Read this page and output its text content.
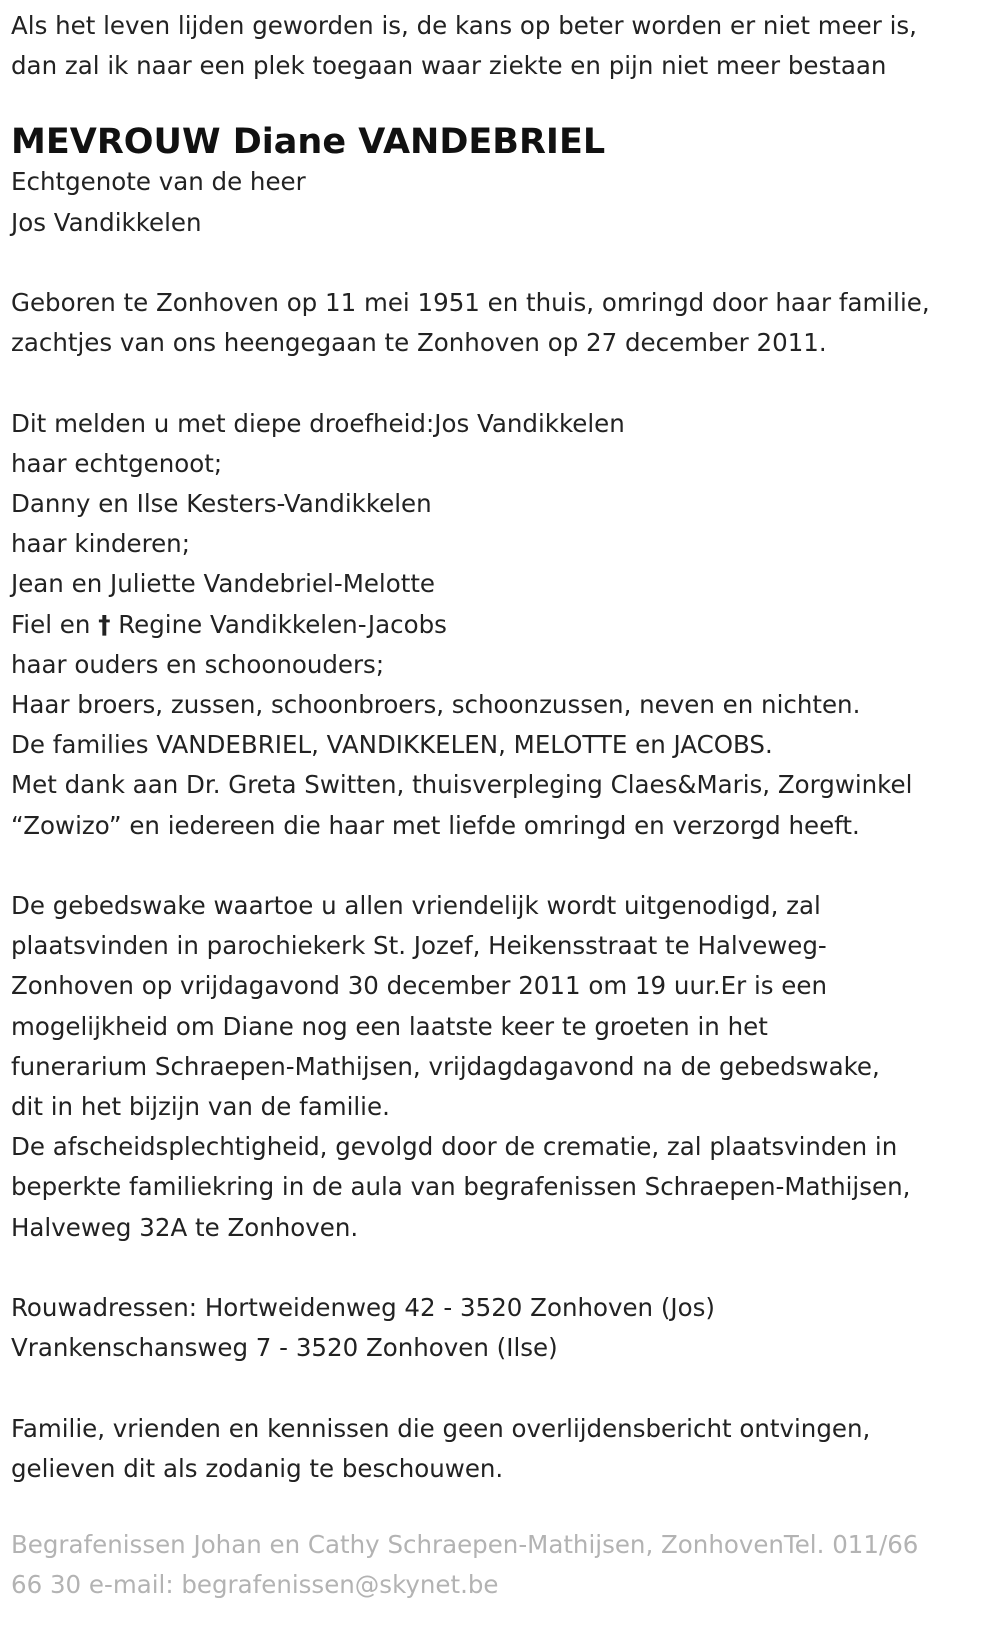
Als het leven lijden geworden is, de kans op beter worden er niet meer is,

dan zal ik naar een plek toegaan waar ziekte en pijn niet meer bestaan

MEVROUW Diane VANDEBRIEL

Echtgenote van de heer

Jos Vandikkelen

Geboren te Zonhoven op 11 mei 1951 en thuis, omringd door haar familie,

zachtjes van ons heengegaan te Zonhoven op 27 december 2011.

Dit melden u met diepe droefheid:Jos Vandikkelen

haar echtgenoot;

Danny en Ilse Kesters-Vandikkelen

haar kinderen;

Jean en Juliette Vandebriel-Melotte

Fiel en † Regine Vandikkelen-Jacobs

haar ouders en schoonouders;

Haar broers, zussen, schoonbroers, schoonzussen, neven en nichten.

De families VANDEBRIEL, VANDIKKELEN, MELOTTE en JACOBS.

Met dank aan Dr. Greta Switten, thuisverpleging Claes&Maris, Zorgwinkel

“Zowizo” en iedereen die haar met liefde omringd en verzorgd heeft.

De gebedswake waartoe u allen vriendelijk wordt uitgenodigd, zal

plaatsvinden in parochiekerk St. Jozef, Heikensstraat te Halveweg-

Zonhoven op vrijdagavond 30 december 2011 om 19 uur.Er is een

mogelijkheid om Diane nog een laatste keer te groeten in het

funerarium Schraepen-Mathijsen, vrijdagdagavond na de gebedswake,

dit in het bijzijn van de familie.

De afscheidsplechtigheid, gevolgd door de crematie, zal plaatsvinden in

beperkte familiekring in de aula van begrafenissen Schraepen-Mathijsen,

Halveweg 32A te Zonhoven.

Rouwadressen: Hortweidenweg 42 - 3520 Zonhoven (Jos)

Vrankenschansweg 7 - 3520 Zonhoven (Ilse)

Familie, vrienden en kennissen die geen overlijdensbericht ontvingen,

gelieven dit als zodanig te beschouwen.

Begrafenissen Johan en Cathy Schraepen-Mathijsen, ZonhovenTel. 011/66

66 30 e-mail: begrafenissen@skynet.be
